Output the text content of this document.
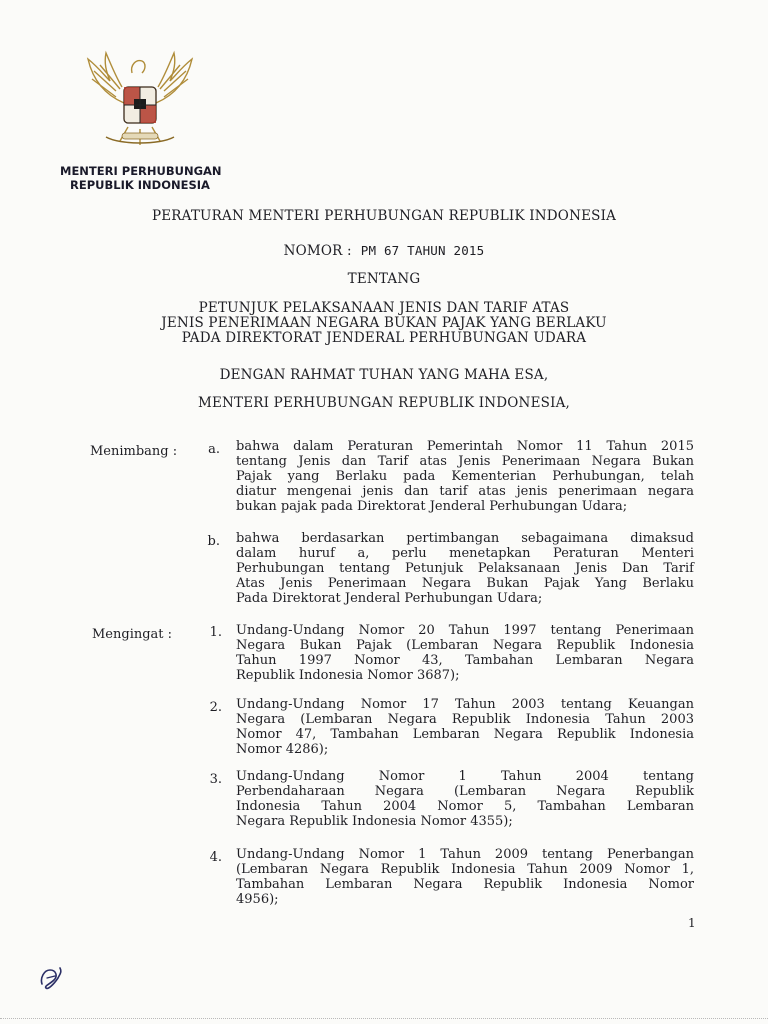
MENTERI PERHUBUNGAN
REPUBLIK INDONESIA
PERATURAN MENTERI PERHUBUNGAN REPUBLIK INDONESIA
NOMOR : PM 67 TAHUN 2015
TENTANG
PETUNJUK PELAKSANAAN JENIS DAN TARIF ATAS
JENIS PENERIMAAN NEGARA BUKAN PAJAK YANG BERLAKU
PADA DIREKTORAT JENDERAL PERHUBUNGAN UDARA
DENGAN RAHMAT TUHAN YANG MAHA ESA,
MENTERI PERHUBUNGAN REPUBLIK INDONESIA,
Menimbang :	a. bahwa dalam Peraturan Pemerintah Nomor 11 Tahun 2015
tentang Jenis dan Tarif atas Jenis Penerimaan Negara Bukan
Pajak yang Berlaku pada Kementerian Perhubungan, telah
diatur mengenai jenis dan tarif atas jenis penerimaan negara
bukan pajak pada Direktorat Jenderal Perhubungan Udara;
b. bahwa berdasarkan pertimbangan sebagaimana dimaksud
dalam huruf a, perlu menetapkan Peraturan Menteri
Perhubungan tentang Petunjuk Pelaksanaan Jenis Dan Tarif
Atas Jenis Penerimaan Negara Bukan Pajak Yang Berlaku
Pada Direktorat Jenderal Perhubungan Udara;
Mengingat :	1. Undang-Undang Nomor 20 Tahun 1997 tentang Penerimaan
Negara Bukan Pajak (Lembaran Negara Republik Indonesia
Tahun 1997 Nomor 43, Tambahan Lembaran Negara
Republik Indonesia Nomor 3687);
2. Undang-Undang Nomor 17 Tahun 2003 tentang Keuangan
Negara (Lembaran Negara Republik Indonesia Tahun 2003
Nomor 47, Tambahan Lembaran Negara Republik Indonesia
Nomor 4286);
3. Undang-Undang Nomor 1 Tahun 2004 tentang
Perbendaharaan Negara (Lembaran Negara Republik
Indonesia Tahun 2004 Nomor 5, Tambahan Lembaran
Negara Republik Indonesia Nomor 4355);
4. Undang-Undang Nomor 1 Tahun 2009 tentang Penerbangan
(Lembaran Negara Republik Indonesia Tahun 2009 Nomor 1,
Tambahan Lembaran Negara Republik Indonesia Nomor
4956);
1
